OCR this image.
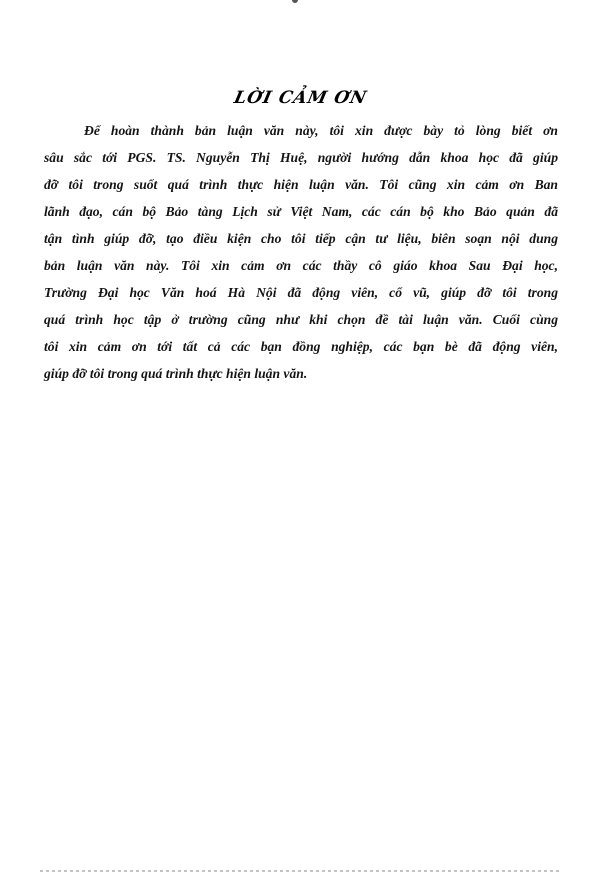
LỜI CẢM ƠN
Để hoàn thành bản luận văn này, tôi xin được bày tỏ lòng biết ơn
sâu sắc tới PGS. TS. Nguyễn Thị Huệ, người hướng dẫn khoa học đã giúp
đỡ tôi trong suốt quá trình thực hiện luận văn. Tôi cũng xin cảm ơn Ban
lãnh đạo, cán bộ Bảo tàng Lịch sử Việt Nam, các cán bộ kho Bảo quản đã
tận tình giúp đỡ, tạo điều kiện cho tôi tiếp cận tư liệu, biên soạn nội dung
bản luận văn này. Tôi xin cảm ơn các thầy cô giáo khoa Sau Đại học,
Trường Đại học Văn hoá Hà Nội đã động viên, cổ vũ, giúp đỡ tôi trong
quá trình học tập ở trường cũng như khi chọn đề tài luận văn. Cuối cùng
tôi xin cảm ơn tới tất cả các bạn đồng nghiệp, các bạn bè đã động viên,
giúp đỡ tôi trong quá trình thực hiện luận văn.
